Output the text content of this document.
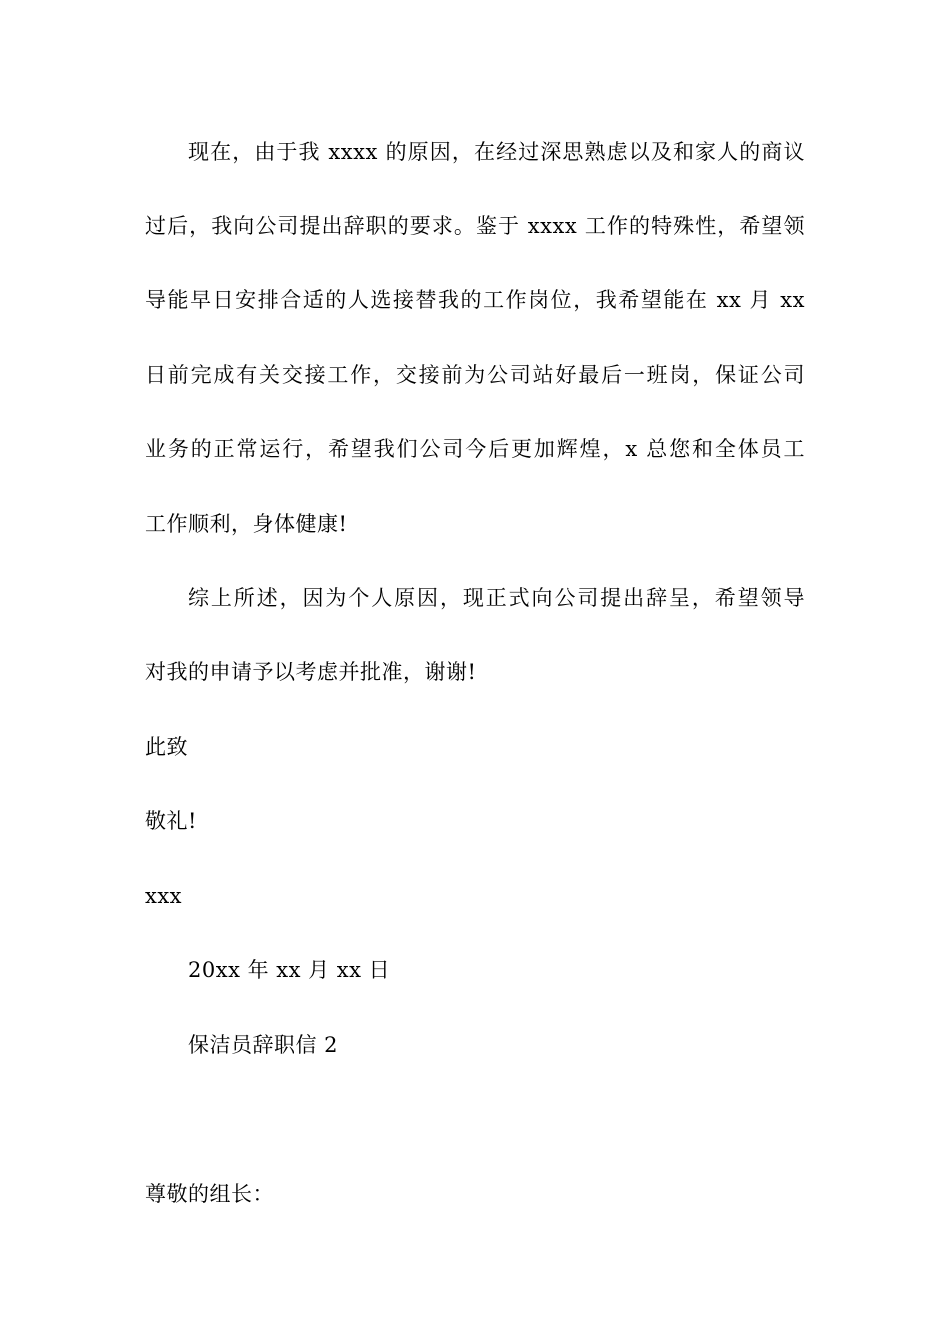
现在，由于我 xxxx 的原因，在经过深思熟虑以及和家人的商议
过后，我向公司提出辞职的要求。鉴于 xxxx 工作的特殊性，希望领
导能早日安排合适的人选接替我的工作岗位，我希望能在 xx 月 xx
日前完成有关交接工作，交接前为公司站好最后一班岗，保证公司
业务的正常运行，希望我们公司今后更加辉煌，x 总您和全体员工
工作顺利，身体健康!
综上所述，因为个人原因，现正式向公司提出辞呈，希望领导
对我的申请予以考虑并批准，谢谢!
此致
敬礼!
xxx
20xx 年 xx 月 xx 日
保洁员辞职信 2
尊敬的组长：
